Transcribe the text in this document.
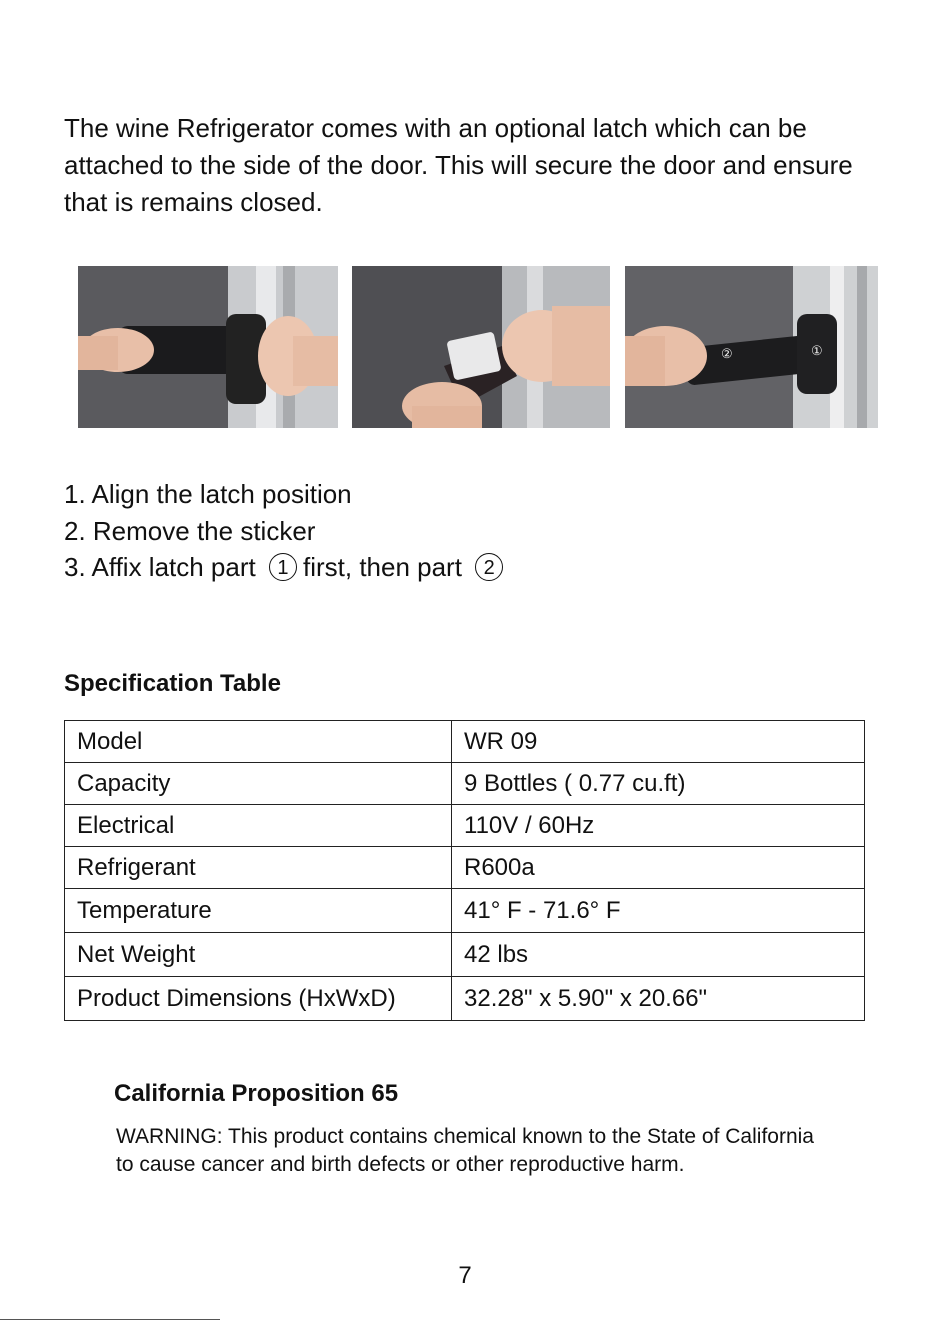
The wine Refrigerator comes with an optional latch which can be attached to the side of the door. This will secure the door and ensure that is remains closed.

②	①
1. Align the latch position
2. Remove the sticker
3. Affix latch part 1 first, then part 2
Specification Table
Model	WR 09
Capacity	9 Bottles ( 0.77 cu.ft)
Electrical	110V / 60Hz
Refrigerant	R600a
Temperature	41° F - 71.6° F
Net Weight	42 lbs
Product Dimensions (HxWxD)	32.28" x 5.90" x 20.66"
California Proposition 65

WARNING: This product contains chemical known to the State of California to cause cancer and birth defects or other reproductive harm.

7
